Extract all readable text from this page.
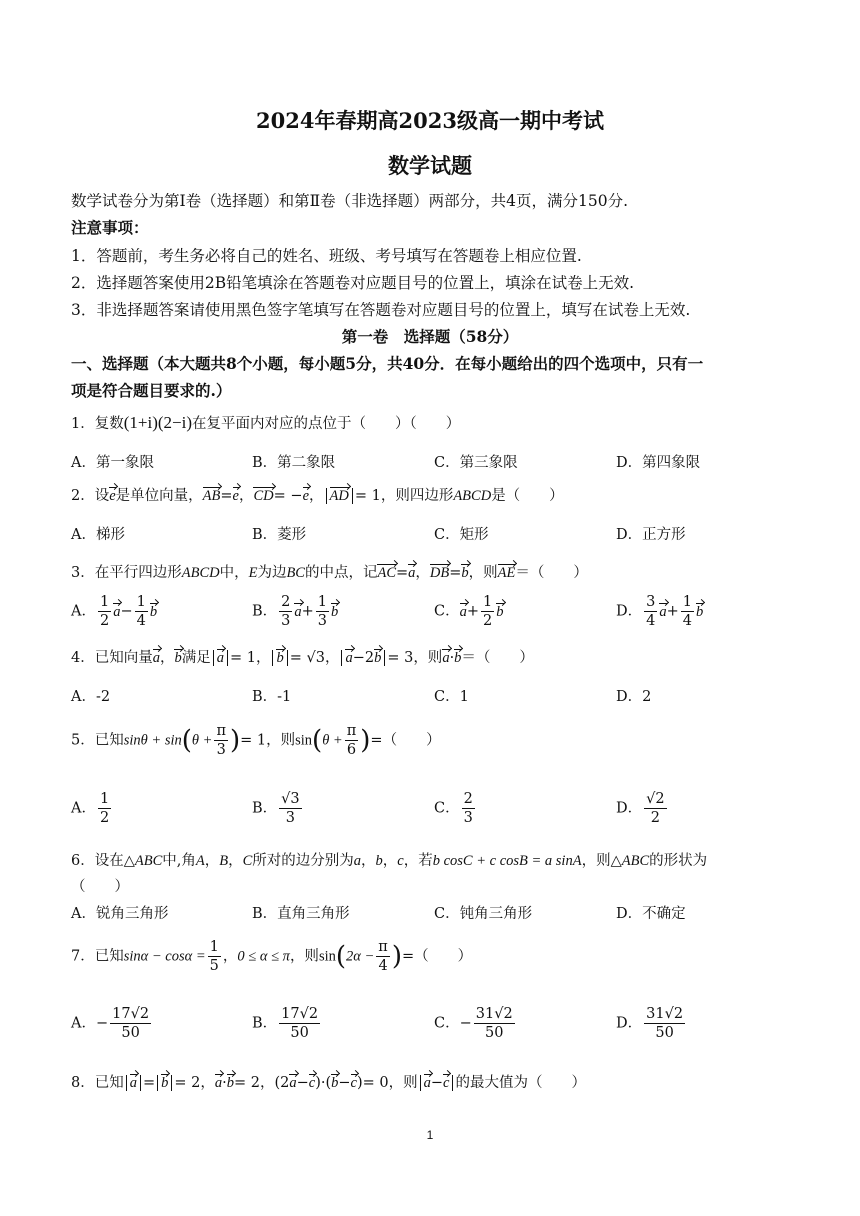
2024年春期高2023级高一期中考试
数学试题
数学试卷分为第Ⅰ卷（选择题）和第Ⅱ卷（非选择题）两部分，共4页，满分150分.
注意事项：
1．答题前，考生务必将自己的姓名、班级、考号填写在答题卷上相应位置.
2．选择题答案使用2B铅笔填涂在答题卷对应题目号的位置上，填涂在试卷上无效.
3．非选择题答案请使用黑色签字笔填写在答题卷对应题目号的位置上，填写在试卷上无效.
第一卷　选择题（58分）
一、选择题（本大题共8个小题，每小题5分，共40分．在每小题给出的四个选项中，只有一
项是符合题目要求的.）
1．复数(1+i)(2−i)在复平面内对应的点位于（　　）（　　）
A．第一象限	B．第二象限	C．第三象限	D．第四象限
2．设e是单位向量，AB=e，CD= −e， AD = 1，则四边形ABCD是（　　）
A．梯形	B．菱形	C．矩形	D．正方形
3．在平行四边形ABCD中，E为边BC的中点，记AC=a，DB=b，则AE＝（　　）
A． $\frac{1}{2} a- \frac{1}{4}$ b	B． $\frac{2}{3} a+ \frac{1}{3}$ b	C．$a+ \frac{1}{2}$ b	D． $\frac{3}{4} a+ \frac{1}{4}$ b
4．已知向量a，b满足 a = 1， b = √3， a−2b = 3，则a·b＝（　　）
A．-2	B．-1	C．1	D．2
5．已知$\sin\theta + \sin(\theta + \frac{\pi}{3}$ )= 1，则$\sin(\theta + \frac{\pi}{6}$ )=（　　）
A． $\frac{1}{2}$	B． $\frac{√3}{3}$	C． $\frac{2}{3}$	D． $\frac{√2}{2}$
6．设在△ABC中,角A，B，C所对的边分别为a，b，c，若b cosC + c cosB = a sinA，则△ABC的形状为
（　　）
A．锐角三角形	B．直角三角形	C．钝角三角形	D．不确定
7．已知$\sin\alpha - \cos\alpha = \frac{1}{5}$ ，0 ≤ α ≤ π，则$\sin(2\alpha - \frac{\pi}{4}$ )=（　　）
A．− $\frac{17√2}{50}$	B． $\frac{17√2}{50}$	C．− $\frac{31√2}{50}$	D． $\frac{31√2}{50}$
8．已知 a = b = 2，a·b= 2，(2a−c)·(b−c)= 0，则 a−c 的最大值为（　　）
1
